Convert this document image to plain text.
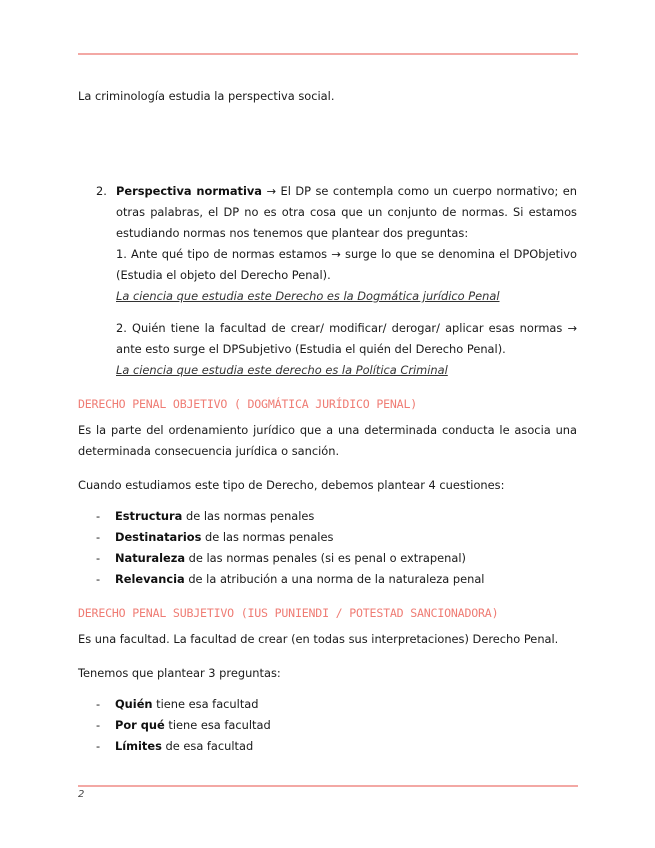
La criminología estudia la perspectiva social.
2. Perspectiva normativa → El DP se contempla como un cuerpo normativo; en otras palabras, el DP no es otra cosa que un conjunto de normas. Si estamos estudiando normas nos tenemos que plantear dos preguntas:
1. Ante qué tipo de normas estamos → surge lo que se denomina el DPObjetivo (Estudia el objeto del Derecho Penal).
La ciencia que estudia este Derecho es la Dogmática jurídico Penal
2. Quién tiene la facultad de crear/ modificar/ derogar/ aplicar esas normas → ante esto surge el DPSubjetivo (Estudia el quién del Derecho Penal).
La ciencia que estudia este derecho es la Política Criminal
DERECHO PENAL OBJETIVO ( DOGMÁTICA JURÍDICO PENAL)
Es la parte del ordenamiento jurídico que a una determinada conducta le asocia una determinada consecuencia jurídica o sanción.
Cuando estudiamos este tipo de Derecho, debemos plantear 4 cuestiones:
- Estructura de las normas penales
- Destinatarios de las normas penales
- Naturaleza de las normas penales (si es penal o extrapenal)
- Relevancia de la atribución a una norma de la naturaleza penal
DERECHO PENAL SUBJETIVO (IUS PUNIENDI / POTESTAD SANCIONADORA)
Es una facultad. La facultad de crear (en todas sus interpretaciones) Derecho Penal.
Tenemos que plantear 3 preguntas:
- Quién tiene esa facultad
- Por qué tiene esa facultad
- Límites de esa facultad
2
